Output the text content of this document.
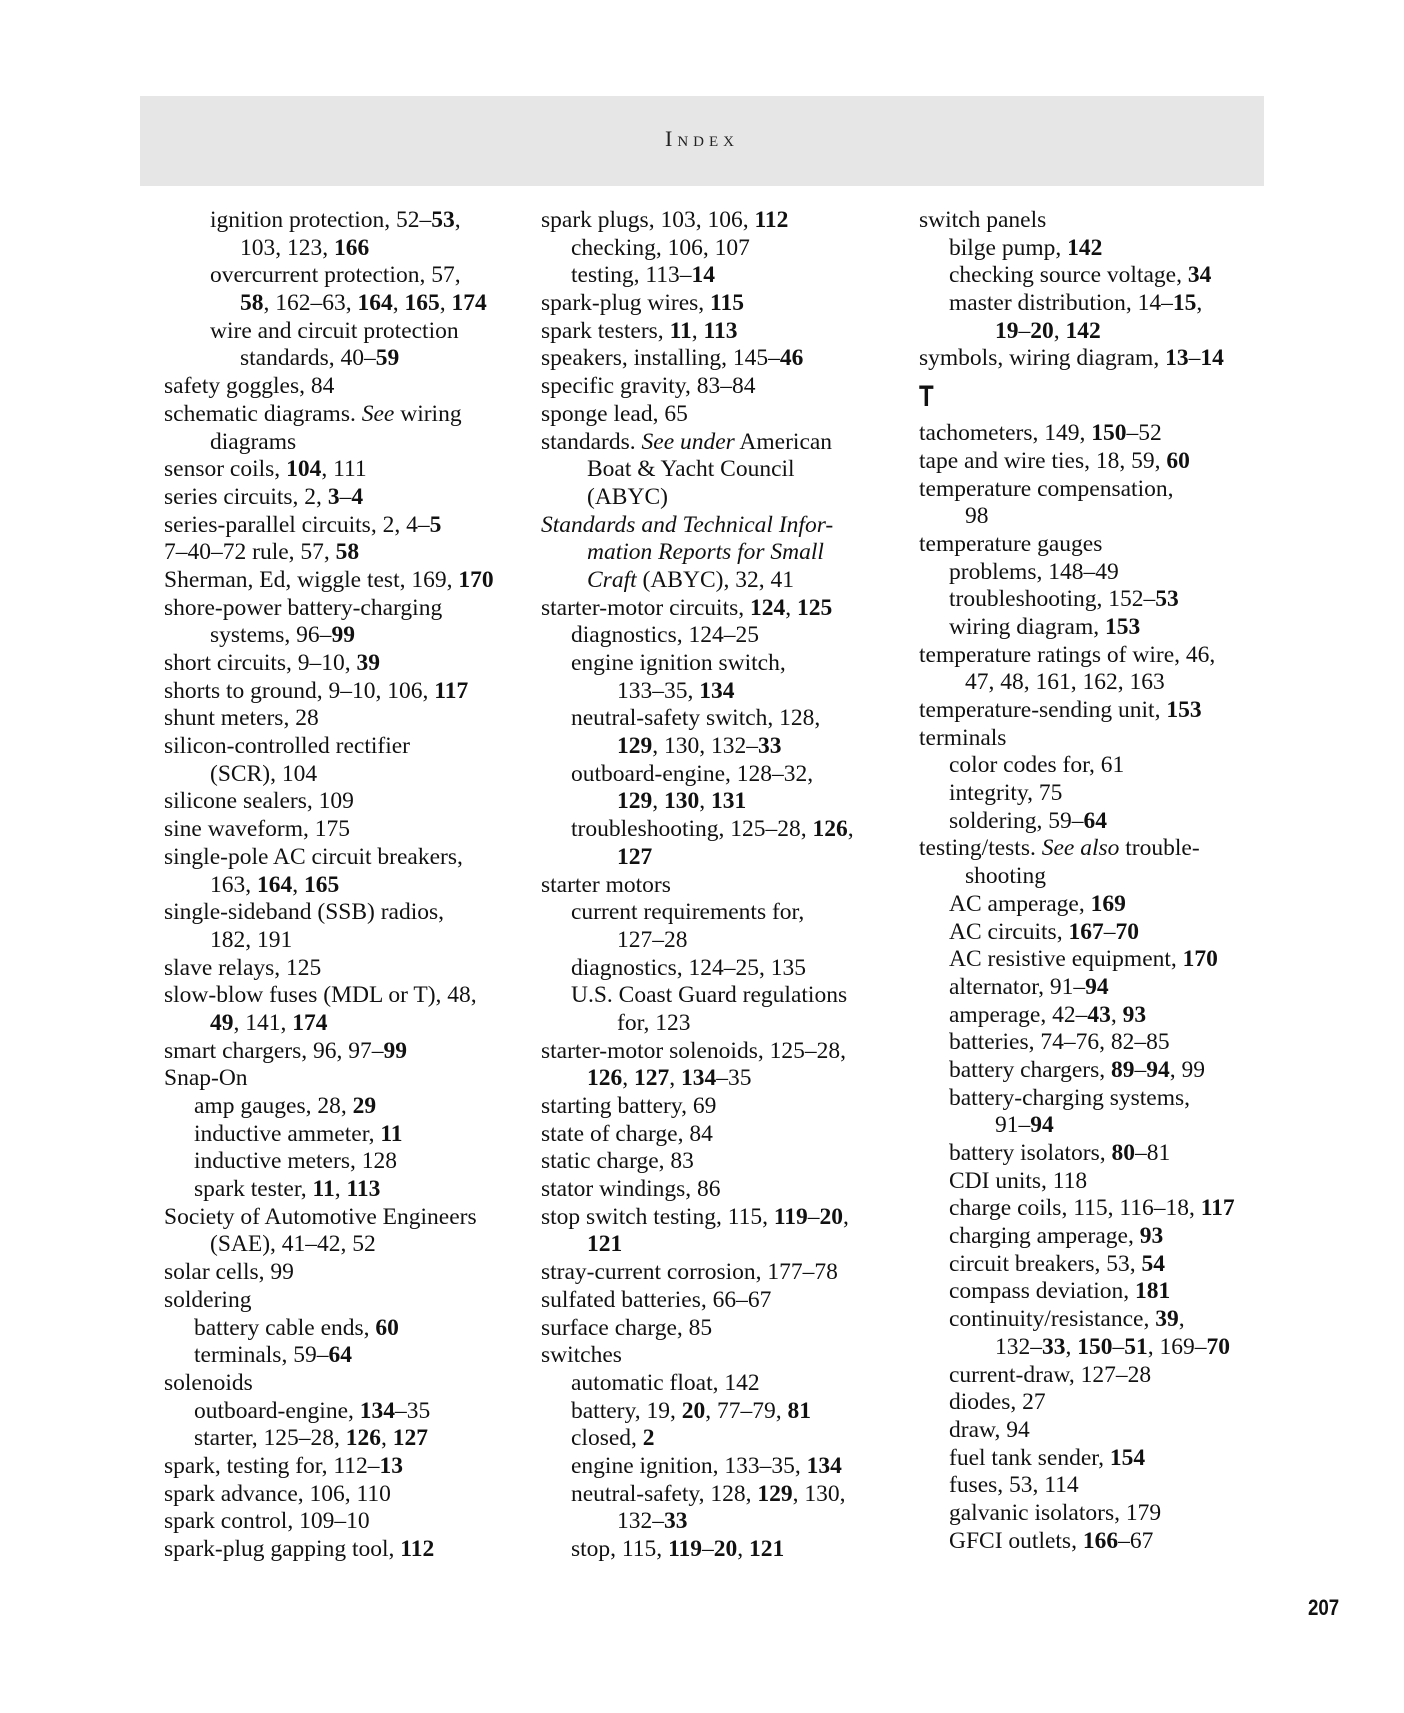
Index
ignition protection, 52–53,
103, 123, 166
overcurrent protection, 57,
58, 162–63, 164, 165, 174
wire and circuit protection
standards, 40–59
safety goggles, 84
schematic diagrams. See wiring
diagrams
sensor coils, 104, 111
series circuits, 2, 3–4
series-parallel circuits, 2, 4–5
7–40–72 rule, 57, 58
Sherman, Ed, wiggle test, 169, 170
shore-power battery-charging
systems, 96–99
short circuits, 9–10, 39
shorts to ground, 9–10, 106, 117
shunt meters, 28
silicon-controlled rectifier
(SCR), 104
silicone sealers, 109
sine waveform, 175
single-pole AC circuit breakers,
163, 164, 165
single-sideband (SSB) radios,
182, 191
slave relays, 125
slow-blow fuses (MDL or T), 48,
49, 141, 174
smart chargers, 96, 97–99
Snap-On
amp gauges, 28, 29
inductive ammeter, 11
inductive meters, 128
spark tester, 11, 113
Society of Automotive Engineers
(SAE), 41–42, 52
solar cells, 99
soldering
battery cable ends, 60
terminals, 59–64
solenoids
outboard-engine, 134–35
starter, 125–28, 126, 127
spark, testing for, 112–13
spark advance, 106, 110
spark control, 109–10
spark-plug gapping tool, 112
spark plugs, 103, 106, 112
checking, 106, 107
testing, 113–14
spark-plug wires, 115
spark testers, 11, 113
speakers, installing, 145–46
specific gravity, 83–84
sponge lead, 65
standards. See under American
Boat & Yacht Council
(ABYC)
Standards and Technical Infor-
mation Reports for Small
Craft (ABYC), 32, 41
starter-motor circuits, 124, 125
diagnostics, 124–25
engine ignition switch,
133–35, 134
neutral-safety switch, 128,
129, 130, 132–33
outboard-engine, 128–32,
129, 130, 131
troubleshooting, 125–28, 126,
127
starter motors
current requirements for,
127–28
diagnostics, 124–25, 135
U.S. Coast Guard regulations
for, 123
starter-motor solenoids, 125–28,
126, 127, 134–35
starting battery, 69
state of charge, 84
static charge, 83
stator windings, 86
stop switch testing, 115, 119–20,
121
stray-current corrosion, 177–78
sulfated batteries, 66–67
surface charge, 85
switches
automatic float, 142
battery, 19, 20, 77–79, 81
closed, 2
engine ignition, 133–35, 134
neutral-safety, 128, 129, 130,
132–33
stop, 115, 119–20, 121
switch panels
bilge pump, 142
checking source voltage, 34
master distribution, 14–15,
19–20, 142
symbols, wiring diagram, 13–14
T
tachometers, 149, 150–52
tape and wire ties, 18, 59, 60
temperature compensation,
98
temperature gauges
problems, 148–49
troubleshooting, 152–53
wiring diagram, 153
temperature ratings of wire, 46,
47, 48, 161, 162, 163
temperature-sending unit, 153
terminals
color codes for, 61
integrity, 75
soldering, 59–64
testing/tests. See also trouble-
shooting
AC amperage, 169
AC circuits, 167–70
AC resistive equipment, 170
alternator, 91–94
amperage, 42–43, 93
batteries, 74–76, 82–85
battery chargers, 89–94, 99
battery-charging systems,
91–94
battery isolators, 80–81
CDI units, 118
charge coils, 115, 116–18, 117
charging amperage, 93
circuit breakers, 53, 54
compass deviation, 181
continuity/resistance, 39,
132–33, 150–51, 169–70
current-draw, 127–28
diodes, 27
draw, 94
fuel tank sender, 154
fuses, 53, 114
galvanic isolators, 179
GFCI outlets, 166–67
207
